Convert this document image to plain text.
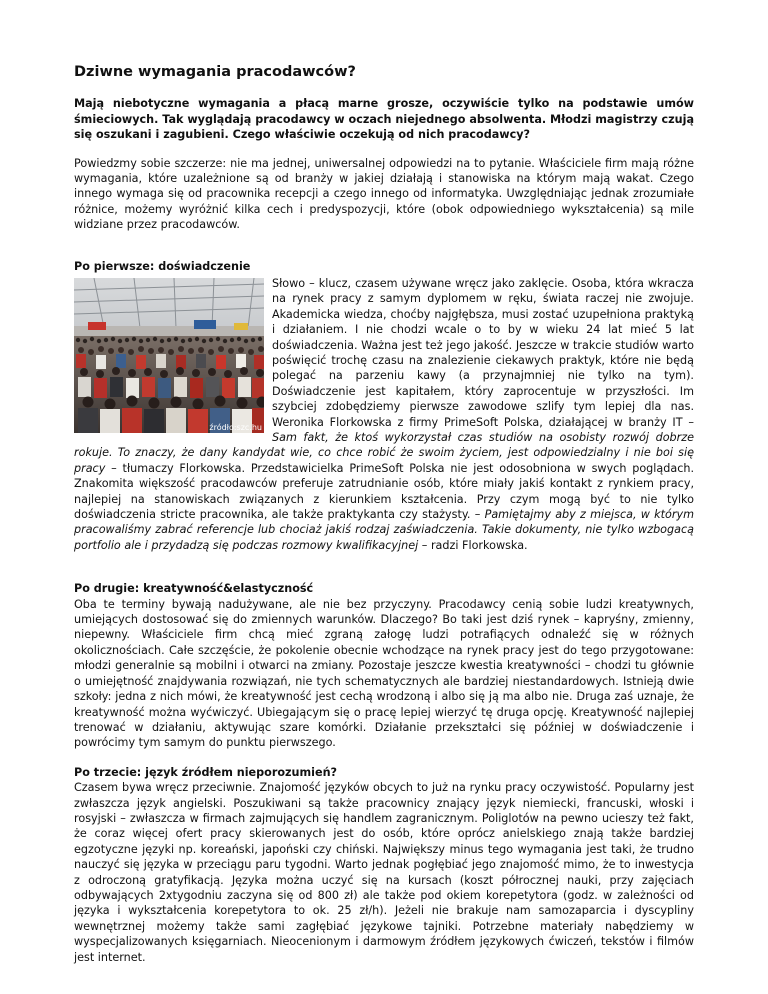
Dziwne wymagania pracodawców?

Mają niebotyczne wymagania a płacą marne grosze, oczywiście tylko na podstawie umów śmieciowych. Tak wyglądają pracodawcy w oczach niejednego absolwenta. Młodzi magistrzy czują się oszukani i zagubieni. Czego właściwie oczekują od nich pracodawcy?

Powiedzmy sobie szczerze: nie ma jednej, uniwersalnej odpowiedzi na to pytanie. Właściciele firm mają różne wymagania, które uzależnione są od branży w jakiej działają i stanowiska na którym mają wakat. Czego innego wymaga się od pracownika recepcji a czego innego od informatyka. Uwzględniając jednak zrozumiałe różnice, możemy wyróżnić kilka cech i predyspozycji, które (obok odpowiedniego wykształcenia) są mile widziane przez pracodawców.

Po pierwsze: doświadczenie
źródło:szc.hu

Słowo – klucz, czasem używane wręcz jako zaklęcie. Osoba, która wkracza na rynek pracy z samym dyplomem w ręku, świata raczej nie zwojuje. Akademicka wiedza, choćby najgłębsza, musi zostać uzupełniona praktyką i działaniem. I nie chodzi wcale o to by w wieku 24 lat mieć 5 lat doświadczenia. Ważna jest też jego jakość. Jeszcze w trakcie studiów warto poświęcić trochę czasu na znalezienie ciekawych praktyk, które nie będą polegać na parzeniu kawy (a przynajmniej nie tylko na tym). Doświadczenie jest kapitałem, który zaprocentuje w przyszłości. Im szybciej zdobędziemy pierwsze zawodowe szlify tym lepiej dla nas. Weronika Florkowska z firmy PrimeSoft Polska, działającej w branży IT – Sam fakt, że ktoś wykorzystał czas studiów na osobisty rozwój dobrze rokuje. To znaczy, że dany kandydat wie, co chce robić że swoim życiem, jest odpowiedzialny i nie boi się pracy – tłumaczy Florkowska. Przedstawicielka PrimeSoft Polska nie jest odosobniona w swych poglądach. Znakomita większość pracodawców preferuje zatrudnianie osób, które miały jakiś kontakt z rynkiem pracy, najlepiej na stanowiskach związanych z kierunkiem kształcenia. Przy czym mogą być to nie tylko doświadczenia stricte pracownika, ale także praktykanta czy stażysty. – Pamiętajmy aby z miejsca, w którym pracowaliśmy zabrać referencje lub chociaż jakiś rodzaj zaświadczenia. Takie dokumenty, nie tylko wzbogacą portfolio ale i przydadzą się podczas rozmowy kwalifikacyjnej – radzi Florkowska.

Po drugie: kreatywność&elastyczność

Oba te terminy bywają nadużywane, ale nie bez przyczyny. Pracodawcy cenią sobie ludzi kreatywnych, umiejących dostosować się do zmiennych warunków. Dlaczego? Bo taki jest dziś rynek – kapryśny, zmienny, niepewny. Właściciele firm chcą mieć zgraną załogę ludzi potrafiących odnaleźć się w różnych okolicznościach. Całe szczęście, że pokolenie obecnie wchodzące na rynek pracy jest do tego przygotowane: młodzi generalnie są mobilni i otwarci na zmiany. Pozostaje jeszcze kwestia kreatywności – chodzi tu głównie o umiejętność znajdywania rozwiązań, nie tych schematycznych ale bardziej niestandardowych. Istnieją dwie szkoły: jedna z nich mówi, że kreatywność jest cechą wrodzoną i albo się ją ma albo nie. Druga zaś uznaje, że kreatywność można wyćwiczyć. Ubiegającym się o pracę lepiej wierzyć tę druga opcję. Kreatywność najlepiej trenować w działaniu, aktywując szare komórki. Działanie przekształci się później w doświadczenie i powrócimy tym samym do punktu pierwszego.

Po trzecie: język źródłem nieporozumień?

Czasem bywa wręcz przeciwnie. Znajomość języków obcych to już na rynku pracy oczywistość. Popularny jest zwłaszcza język angielski. Poszukiwani są także pracownicy znający język niemiecki, francuski, włoski i rosyjski – zwłaszcza w firmach zajmujących się handlem zagranicznym. Poliglotów na pewno ucieszy też fakt, że coraz więcej ofert pracy skierowanych jest do osób, które oprócz anielskiego znają także bardziej egzotyczne języki np. koreański, japoński czy chiński. Największy minus tego wymagania jest taki, że trudno nauczyć się języka w przeciągu paru tygodni. Warto jednak pogłębiać jego znajomość mimo, że to inwestycja z odroczoną gratyfikacją. Języka można uczyć się na kursach (koszt półrocznej nauki, przy zajęciach odbywających 2xtygodniu zaczyna się od 800 zł) ale także pod okiem korepetytora (godz. w zależności od języka i wykształcenia korepetytora to ok. 25 zł/h). Jeżeli nie brakuje nam samozaparcia i dyscypliny wewnętrznej możemy także sami zagłębiać językowe tajniki. Potrzebne materiały nabędziemy w wyspecjalizowanych księgarniach. Nieocenionym i darmowym źródłem językowych ćwiczeń, tekstów i filmów jest internet.
